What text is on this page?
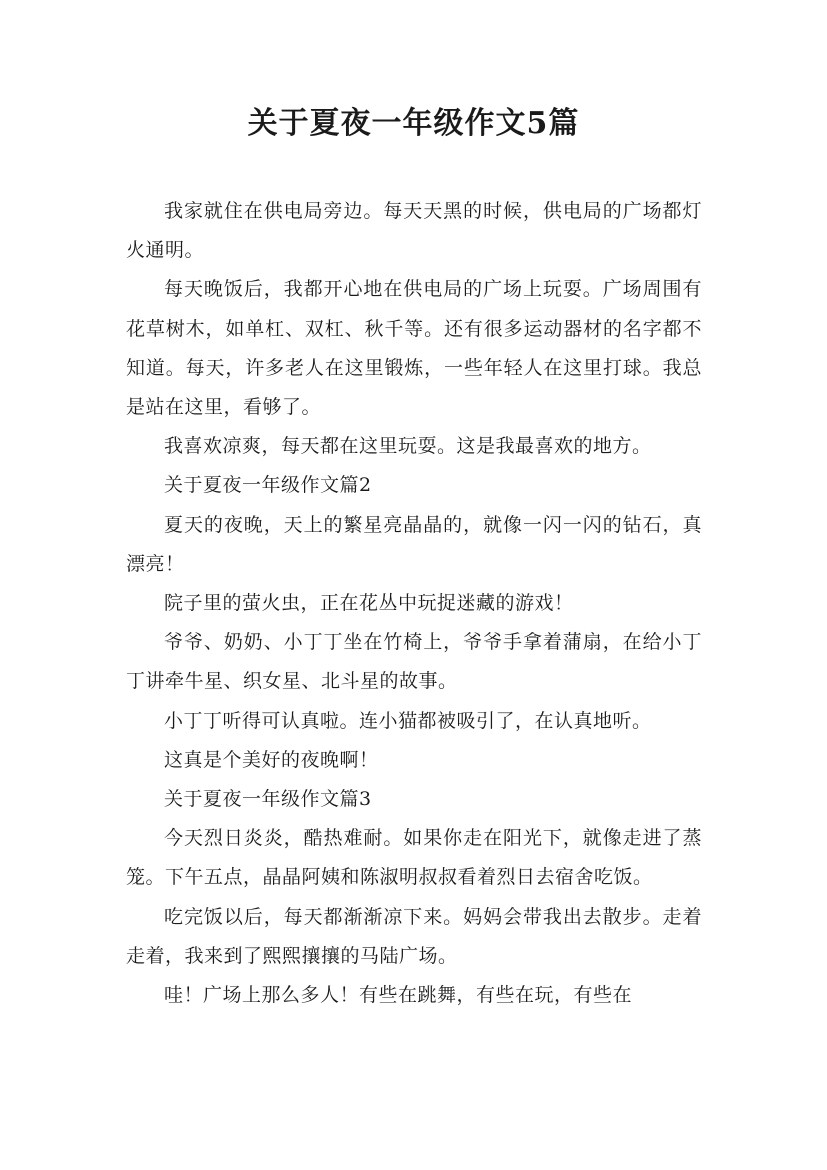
关于夏夜一年级作文5篇

我家就住在供电局旁边。每天天黑的时候，供电局的广场都灯火通明。

每天晚饭后，我都开心地在供电局的广场上玩耍。广场周围有花草树木，如单杠、双杠、秋千等。还有很多运动器材的名字都不知道。每天，许多老人在这里锻炼，一些年轻人在这里打球。我总是站在这里，看够了。

我喜欢凉爽，每天都在这里玩耍。这是我最喜欢的地方。

关于夏夜一年级作文篇2

夏天的夜晚，天上的繁星亮晶晶的，就像一闪一闪的钻石，真漂亮！

院子里的萤火虫，正在花丛中玩捉迷藏的游戏！

爷爷、奶奶、小丁丁坐在竹椅上，爷爷手拿着蒲扇，在给小丁丁讲牵牛星、织女星、北斗星的故事。

小丁丁听得可认真啦。连小猫都被吸引了，在认真地听。

这真是个美好的夜晚啊！

关于夏夜一年级作文篇3

今天烈日炎炎，酷热难耐。如果你走在阳光下，就像走进了蒸笼。下午五点，晶晶阿姨和陈淑明叔叔看着烈日去宿舍吃饭。

吃完饭以后，每天都渐渐凉下来。妈妈会带我出去散步。走着走着，我来到了熙熙攘攘的马陆广场。

哇！广场上那么多人！有些在跳舞，有些在玩，有些在
